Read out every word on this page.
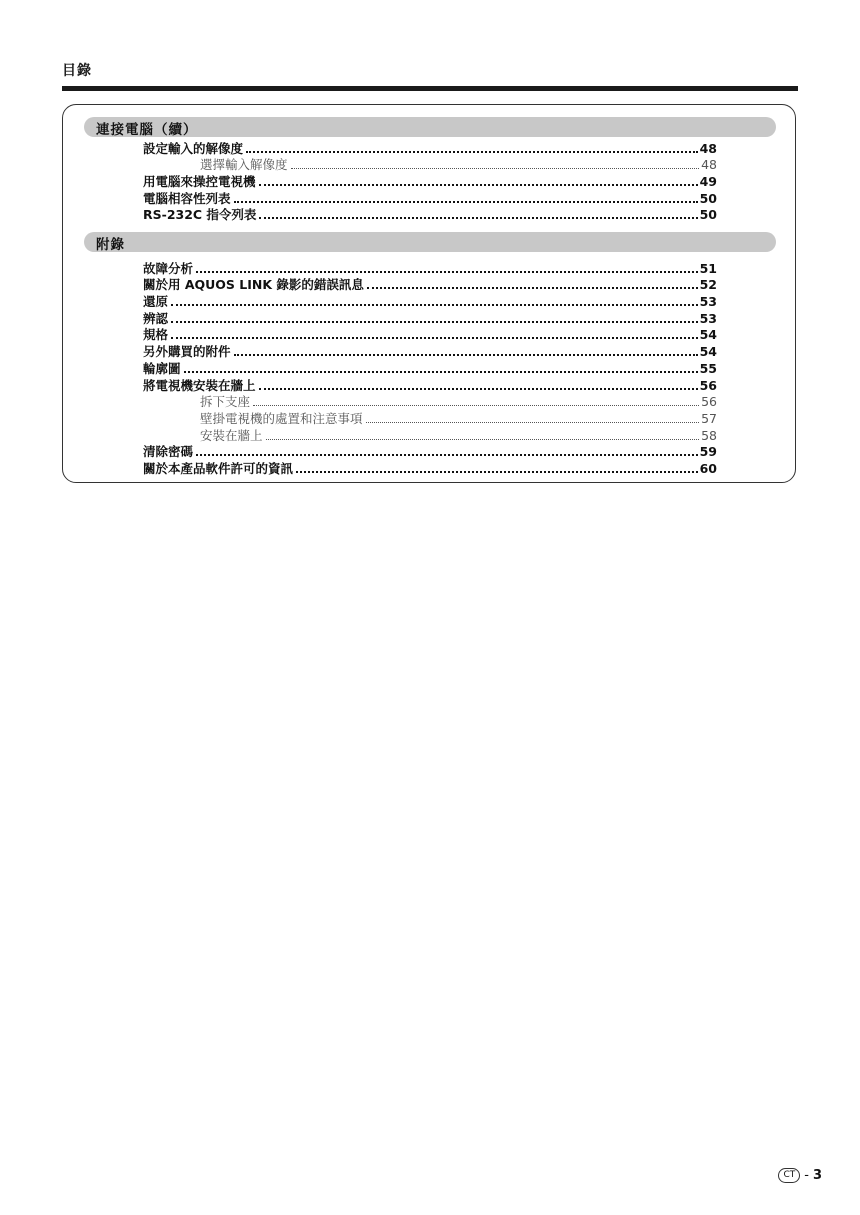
目錄
連接電腦（續）
設定輸入的解像度	48
選擇輸入解像度	48
用電腦來操控電視機	49
電腦相容性列表	50
RS-232C 指令列表	50
附錄
故障分析	51
關於用 AQUOS LINK 錄影的錯誤訊息	52
還原	53
辨認	53
規格	54
另外購買的附件	54
輪廓圖	55
將電視機安裝在牆上	56
拆下支座	56
壁掛電視機的處置和注意事項	57
安裝在牆上	58
清除密碼	59
關於本產品軟件許可的資訊	60
CT - 3
